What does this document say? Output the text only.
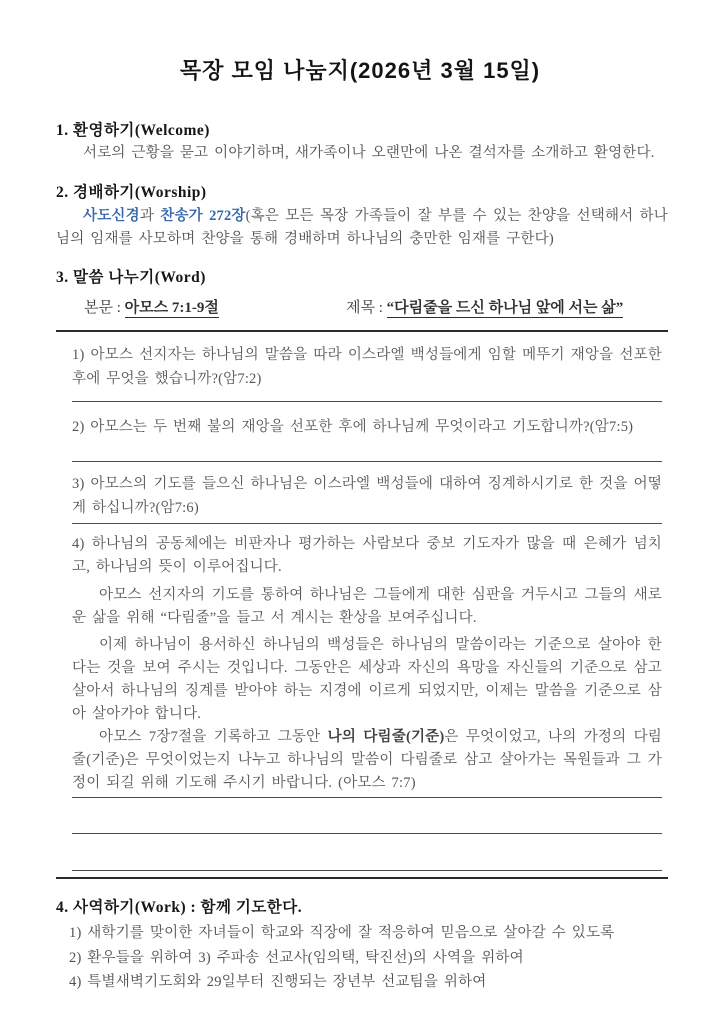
목장 모임 나눔지(2026년 3월 15일)
1. 환영하기(Welcome)
서로의 근황을 묻고 이야기하며, 새가족이나 오랜만에 나온 결석자를 소개하고 환영한다.
2. 경배하기(Worship)
사도신경과 찬송가 272장(혹은 모든 목장 가족들이 잘 부를 수 있는 찬양을 선택해서 하나님의 임재를 사모하며 찬양을 통해 경배하며 하나님의 충만한 임재를 구한다)
3. 말씀 나누기(Word)
본문 : 아모스 7:1-9절	제목 : “다림줄을 드신 하나님 앞에 서는 삶”
1) 아모스 선지자는 하나님의 말씀을 따라 이스라엘 백성들에게 임할 메뚜기 재앙을 선포한 후에 무엇을 했습니까?(암7:2)
2) 아모스는 두 번째 불의 재앙을 선포한 후에 하나님께 무엇이라고 기도합니까?(암7:5)
3) 아모스의 기도를 들으신 하나님은 이스라엘 백성들에 대하여 징계하시기로 한 것을 어떻게 하십니까?(암7:6)
4) 하나님의 공동체에는 비판자나 평가하는 사람보다 중보 기도자가 많을 때 은혜가 넘치고, 하나님의 뜻이 이루어집니다.
아모스 선지자의 기도를 통하여 하나님은 그들에게 대한 심판을 거두시고 그들의 새로운 삶을 위해 “다림줄”을 들고 서 계시는 환상을 보여주십니다.
이제 하나님이 용서하신 하나님의 백성들은 하나님의 말씀이라는 기준으로 살아야 한다는 것을 보여 주시는 것입니다. 그동안은 세상과 자신의 욕망을 자신들의 기준으로 삼고 살아서 하나님의 징계를 받아야 하는 지경에 이르게 되었지만, 이제는 말씀을 기준으로 삼아 살아가야 합니다.
아모스 7장7절을 기록하고 그동안 나의 다림줄(기준)은 무엇이었고, 나의 가정의 다림줄(기준)은 무엇이었는지 나누고 하나님의 말씀이 다림줄로 삼고 살아가는 목원들과 그 가정이 되길 위해 기도해 주시기 바랍니다. (아모스 7:7)
4. 사역하기(Work) : 함께 기도한다.
1) 새학기를 맞이한 자녀들이 학교와 직장에 잘 적응하여 믿음으로 살아갈 수 있도록
2) 환우들을 위하여 3) 주파송 선교사(임의택, 탁진선)의 사역을 위하여
4) 특별새벽기도회와 29일부터 진행되는 장년부 선교팀을 위하여
